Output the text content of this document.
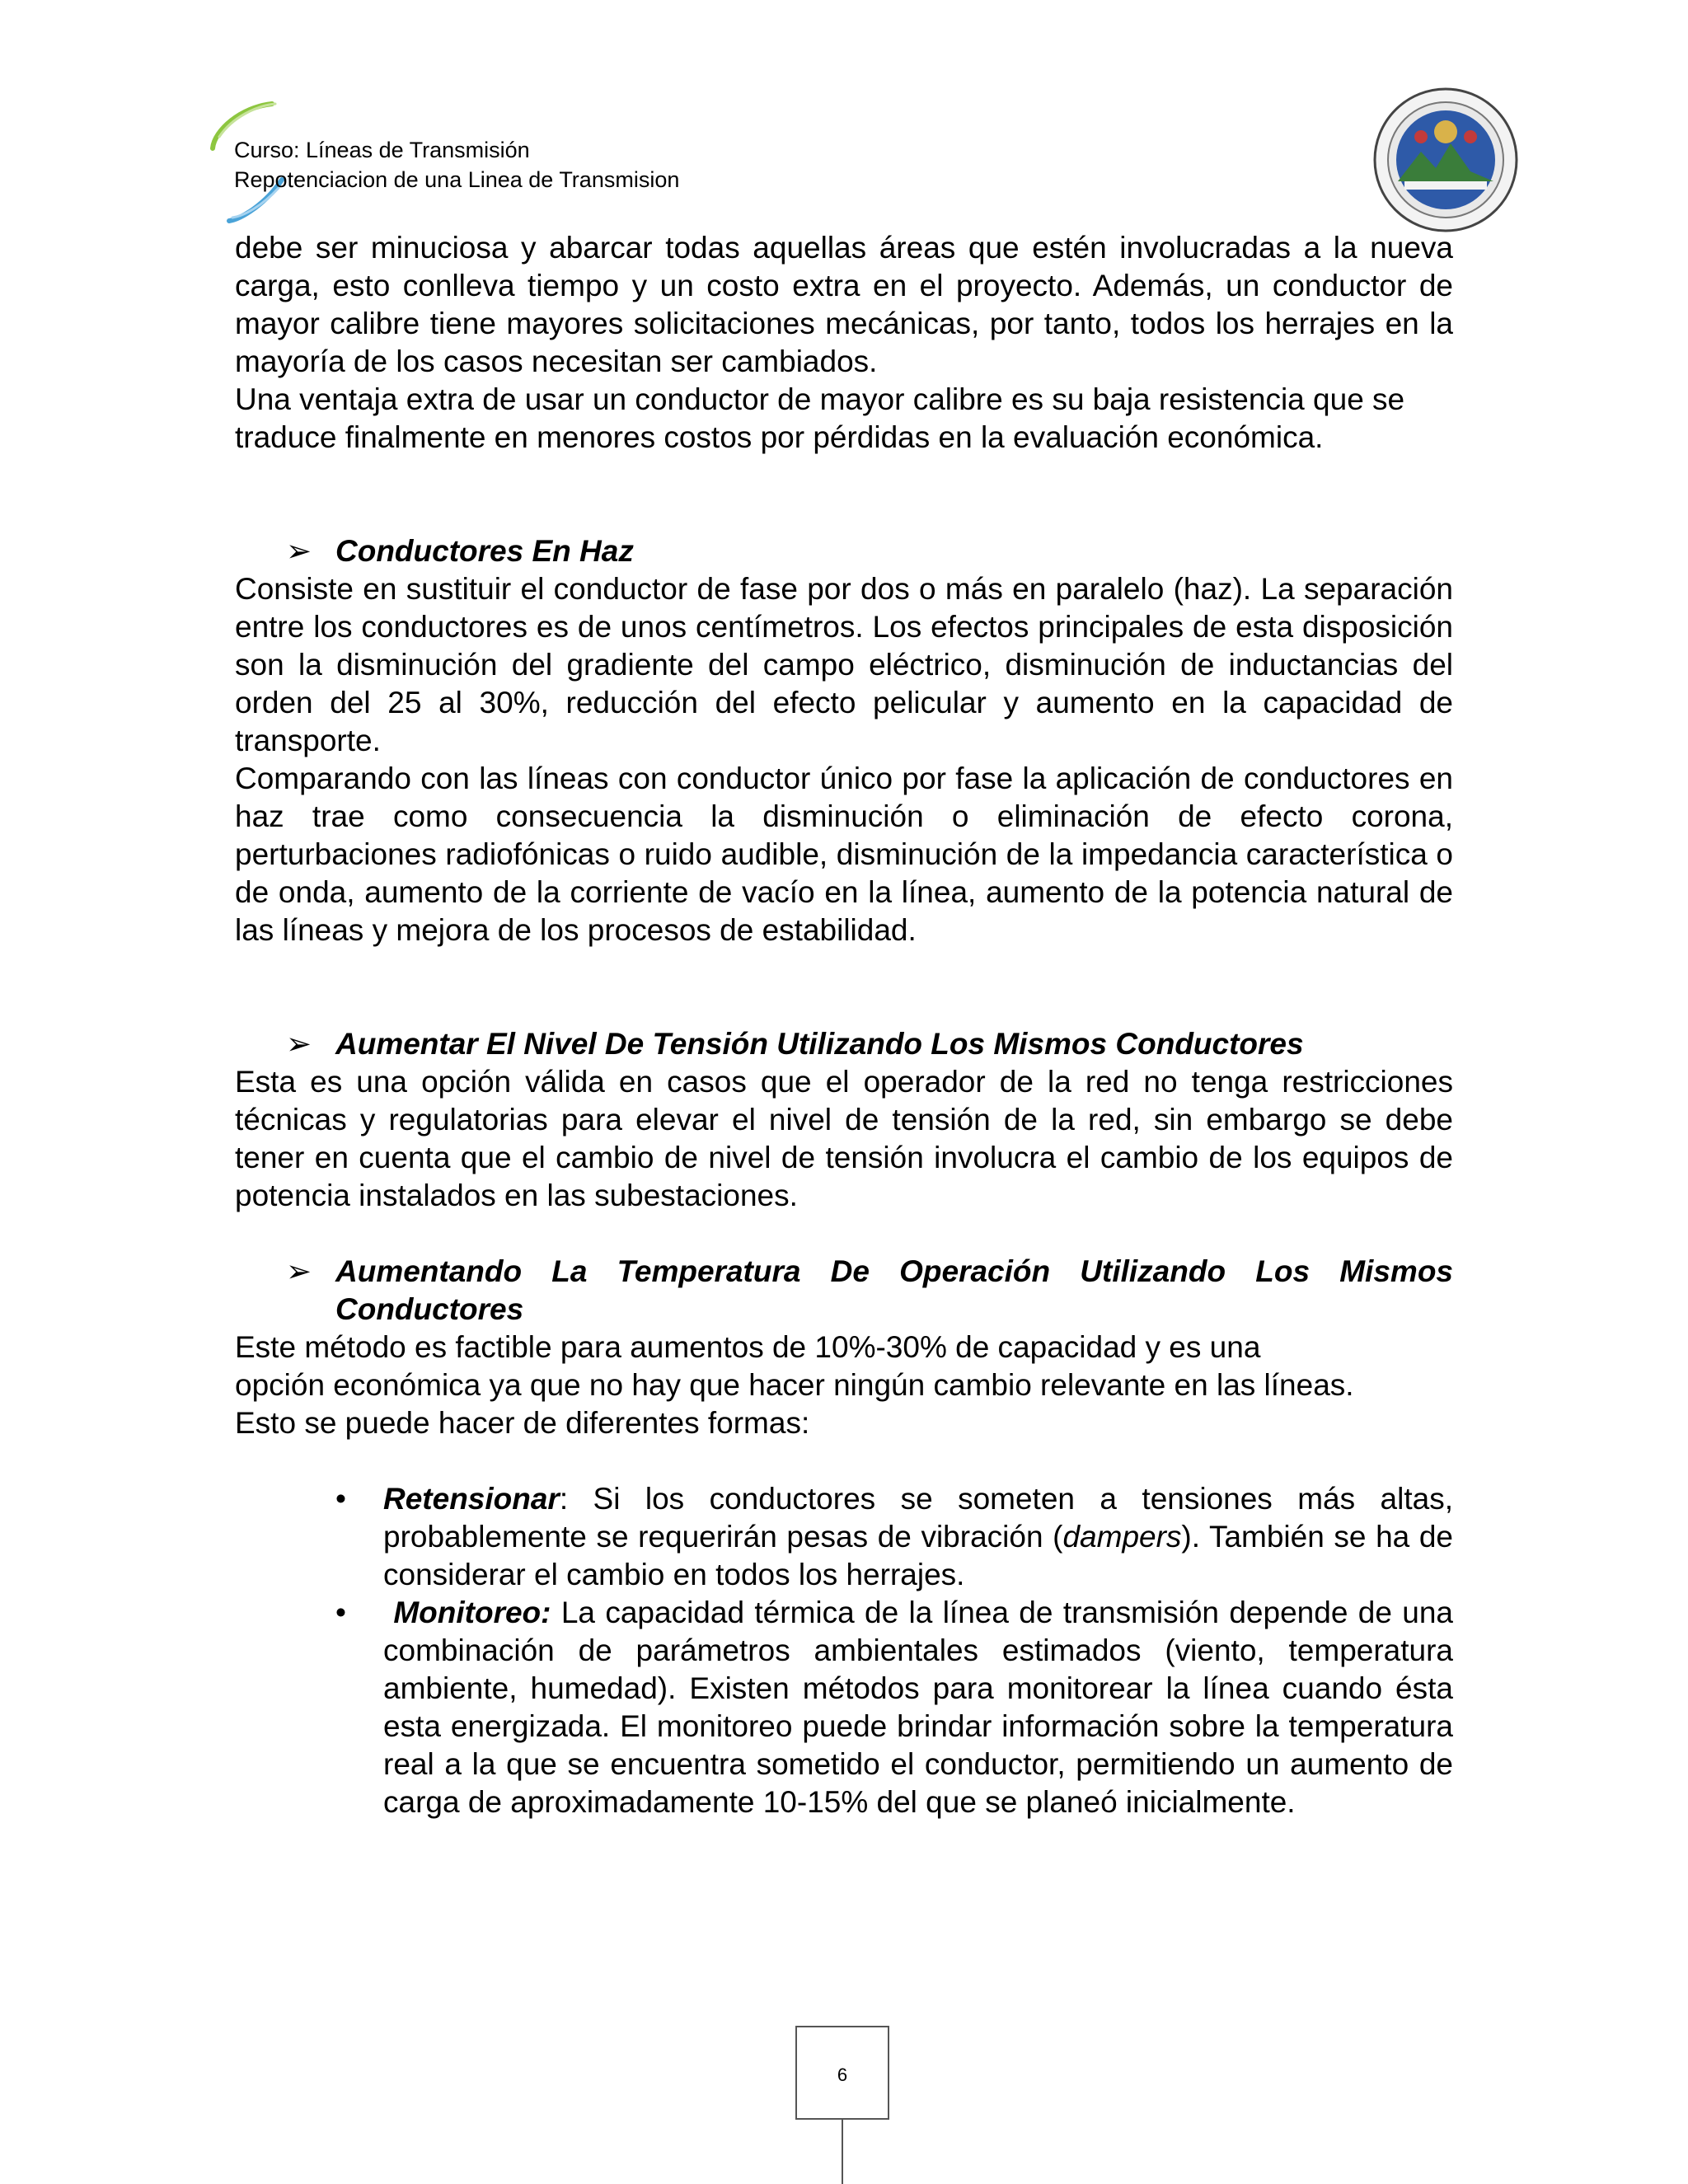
Curso: Líneas de Transmisión
Repotenciacion de una Linea de Transmision

debe ser minuciosa y abarcar todas aquellas áreas que estén involucradas a la nueva carga, esto conlleva tiempo y un costo extra en el proyecto. Además, un conductor de mayor calibre tiene mayores solicitaciones mecánicas, por tanto, todos los herrajes en la mayoría de los casos necesitan ser cambiados.

Una ventaja extra de usar un conductor de mayor calibre es su baja resistencia que se traduce finalmente en menores costos por pérdidas en la evaluación económica.

➢ Conductores En Haz

Consiste en sustituir el conductor de fase por dos o más en paralelo (haz). La separación entre los conductores es de unos centímetros. Los efectos principales de esta disposición son la disminución del gradiente del campo eléctrico, disminución de inductancias del orden del 25 al 30%, reducción del efecto pelicular y aumento en la capacidad de transporte.

Comparando con las líneas con conductor único por fase la aplicación de conductores en haz trae como consecuencia la disminución o eliminación de efecto corona, perturbaciones radiofónicas o ruido audible, disminución de la impedancia característica o de onda, aumento de la corriente de vacío en la línea, aumento de la potencia natural de las líneas y mejora de los procesos de estabilidad.

➢ Aumentar El Nivel De Tensión Utilizando Los Mismos Conductores

Esta es una opción válida en casos que el operador de la red no tenga restricciones técnicas y regulatorias para elevar el nivel de tensión de la red, sin embargo se debe tener en cuenta que el cambio de nivel de tensión involucra el cambio de los equipos de potencia instalados en las subestaciones.

➢ Aumentando La Temperatura De Operación Utilizando Los Mismos Conductores

Este método es factible para aumentos de 10%-30% de capacidad y es una opción económica ya que no hay que hacer ningún cambio relevante en las líneas. Esto se puede hacer de diferentes formas:

• Retensionar: Si los conductores se someten a tensiones más altas, probablemente se requerirán pesas de vibración (dampers). También se ha de considerar el cambio en todos los herrajes.
• Monitoreo: La capacidad térmica de la línea de transmisión depende de una combinación de parámetros ambientales estimados (viento, temperatura ambiente, humedad). Existen métodos para monitorear la línea cuando ésta esta energizada. El monitoreo puede brindar información sobre la temperatura real a la que se encuentra sometido el conductor, permitiendo un aumento de carga de aproximadamente 10-15% del que se planeó inicialmente.
6
